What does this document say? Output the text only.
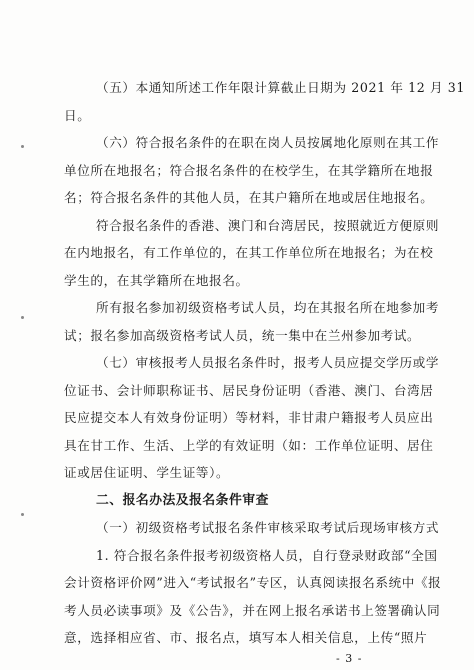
（五）本通知所述工作年限计算截止日期为 2021 年 12 月 31
日。
（六）符合报名条件的在职在岗人员按属地化原则在其工作
单位所在地报名；符合报名条件的在校学生，在其学籍所在地报
名；符合报名条件的其他人员，在其户籍所在地或居住地报名。
符合报名条件的香港、澳门和台湾居民，按照就近方便原则
在内地报名，有工作单位的，在其工作单位所在地报名；为在校
学生的，在其学籍所在地报名。
所有报名参加初级资格考试人员，均在其报名所在地参加考
试；报名参加高级资格考试人员，统一集中在兰州参加考试。
（七）审核报考人员报名条件时，报考人员应提交学历或学
位证书、会计师职称证书、居民身份证明（香港、澳门、台湾居
民应提交本人有效身份证明）等材料，非甘肃户籍报考人员应出
具在甘工作、生活、上学的有效证明（如：工作单位证明、居住
证或居住证明、学生证等）。
二、报名办法及报名条件审查
（一）初级资格考试报名条件审核采取考试后现场审核方式
1. 符合报名条件报考初级资格人员，自行登录财政部“全国
会计资格评价网”进入“考试报名”专区，认真阅读报名系统中《报
考人员必读事项》及《公告》，并在网上报名承诺书上签署确认同
意，选择相应省、市、报名点，填写本人相关信息，上传“照片
- 3 -
